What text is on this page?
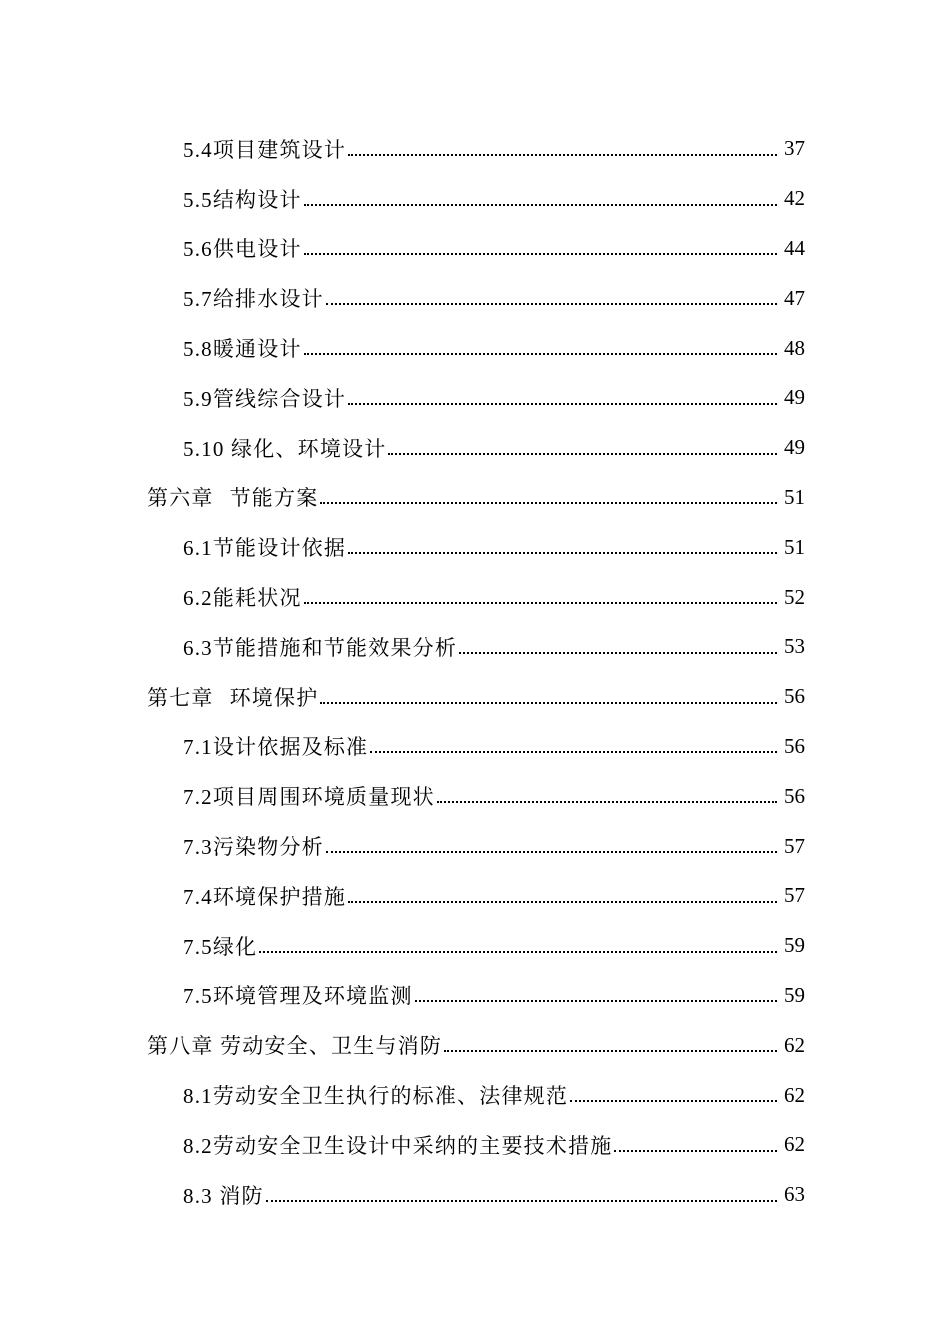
5.4项目建筑设计	37
5.5结构设计	42
5.6供电设计	44
5.7给排水设计	47
5.8暖通设计	48
5.9管线综合设计	49
5.10 绿化、环境设计	49
第六章 节能方案	51
6.1节能设计依据	51
6.2能耗状况	52
6.3节能措施和节能效果分析	53
第七章 环境保护	56
7.1设计依据及标准	56
7.2项目周围环境质量现状	56
7.3污染物分析	57
7.4环境保护措施	57
7.5绿化	59
7.5环境管理及环境监测	59
第八章 劳动安全、卫生与消防	62
8.1劳动安全卫生执行的标准、法律规范	62
8.2劳动安全卫生设计中采纳的主要技术措施	62
8.3 消防	63
